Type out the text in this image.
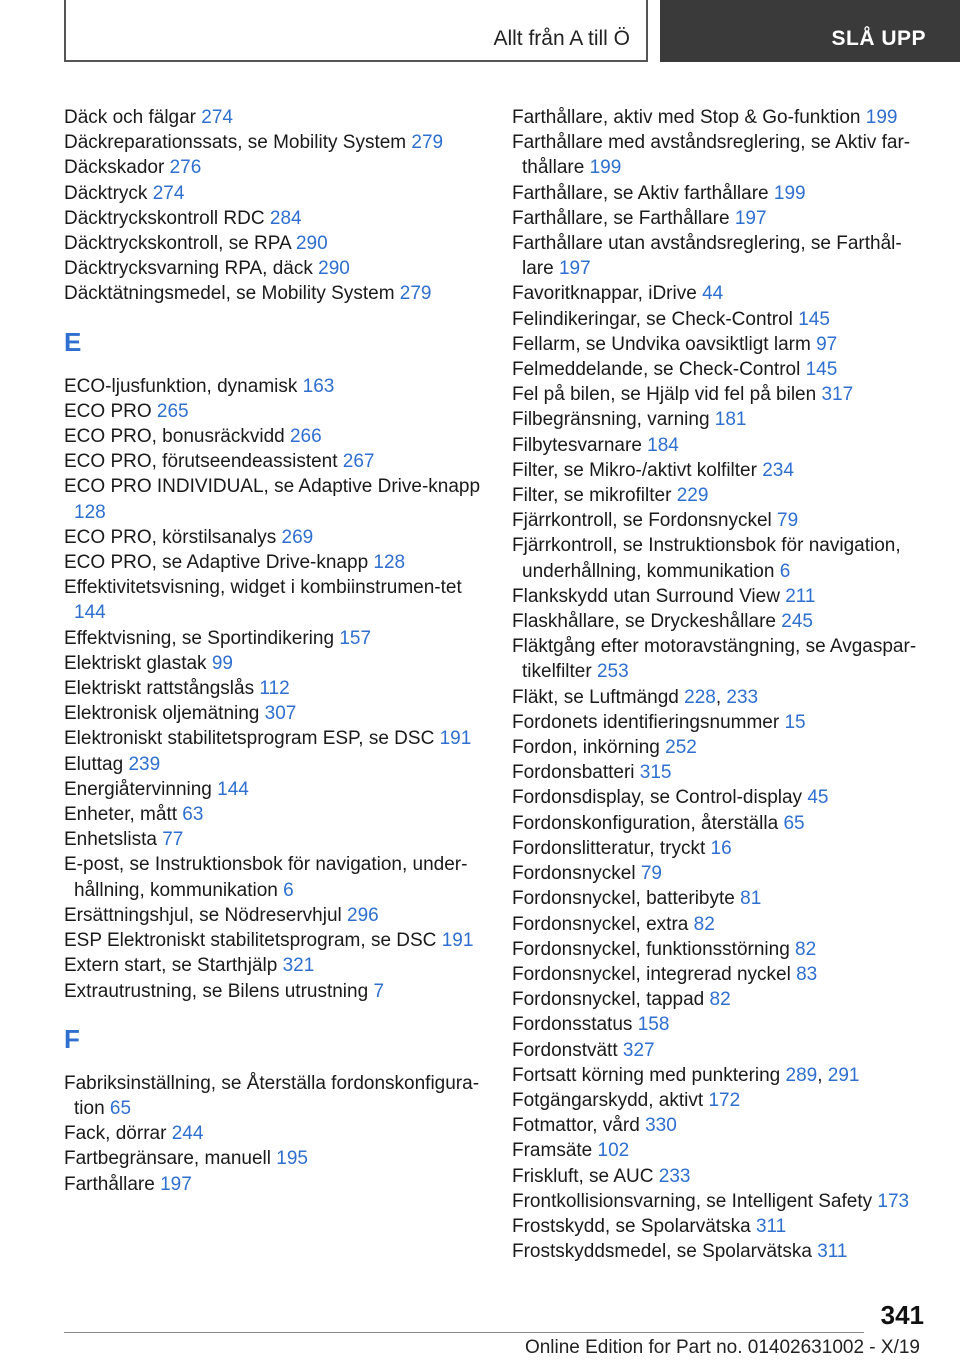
Allt från A till Ö	SLÅ UPP

Däck och fälgar 274

Däckreparationssats, se Mobility System 279

Däckskador 276

Däcktryck 274

Däcktryckskontroll RDC 284

Däcktryckskontroll, se RPA 290

Däcktrycksvarning RPA, däck 290

Däcktätningsmedel, se Mobility System 279

E

ECO-ljusfunktion, dynamisk 163

ECO PRO 265

ECO PRO, bonusräckvidd 266

ECO PRO, förutseendeassistent 267

ECO PRO INDIVIDUAL, se Adaptive Drive-knapp 128

ECO PRO, körstilsanalys 269

ECO PRO, se Adaptive Drive-knapp 128

Effektivitetsvisning, widget i kombiinstrumen-tet 144

Effektvisning, se Sportindikering 157

Elektriskt glastak 99

Elektriskt rattstångslås 112

Elektronisk oljemätning 307

Elektroniskt stabilitetsprogram ESP, se DSC 191

Eluttag 239

Energiåtervinning 144

Enheter, mått 63

Enhetslista 77

E-post, se Instruktionsbok för navigation, under-hållning, kommunikation 6

Ersättningshjul, se Nödreservhjul 296

ESP Elektroniskt stabilitetsprogram, se DSC 191

Extern start, se Starthjälp 321

Extrautrustning, se Bilens utrustning 7

F

Fabriksinställning, se Återställa fordonskonfigura-tion 65

Fack, dörrar 244

Fartbegränsare, manuell 195

Farthållare 197

Farthållare, aktiv med Stop & Go-funktion 199

Farthållare med avståndsreglering, se Aktiv far-thållare 199

Farthållare, se Aktiv farthållare 199

Farthållare, se Farthållare 197

Farthållare utan avståndsreglering, se Farthål-lare 197

Favoritknappar, iDrive 44

Felindikeringar, se Check-Control 145

Fellarm, se Undvika oavsiktligt larm 97

Felmeddelande, se Check-Control 145

Fel på bilen, se Hjälp vid fel på bilen 317

Filbegränsning, varning 181

Filbytesvarnare 184

Filter, se Mikro-/aktivt kolfilter 234

Filter, se mikrofilter 229

Fjärrkontroll, se Fordonsnyckel 79

Fjärrkontroll, se Instruktionsbok för navigation, underhållning, kommunikation 6

Flankskydd utan Surround View 211

Flaskhållare, se Dryckeshållare 245

Fläktgång efter motoravstängning, se Avgaspar-tikelfilter 253

Fläkt, se Luftmängd 228, 233

Fordonets identifieringsnummer 15

Fordon, inkörning 252

Fordonsbatteri 315

Fordonsdisplay, se Control-display 45

Fordonskonfiguration, återställa 65

Fordonslitteratur, tryckt 16

Fordonsnyckel 79

Fordonsnyckel, batteribyte 81

Fordonsnyckel, extra 82

Fordonsnyckel, funktionsstörning 82

Fordonsnyckel, integrerad nyckel 83

Fordonsnyckel, tappad 82

Fordonsstatus 158

Fordonstvätt 327

Fortsatt körning med punktering 289, 291

Fotgängarskydd, aktivt 172

Fotmattor, vård 330

Framsäte 102

Friskluft, se AUC 233

Frontkollisionsvarning, se Intelligent Safety 173

Frostskydd, se Spolarvätska 311

Frostskyddsmedel, se Spolarvätska 311

341
Online Edition for Part no. 01402631002 - X/19
